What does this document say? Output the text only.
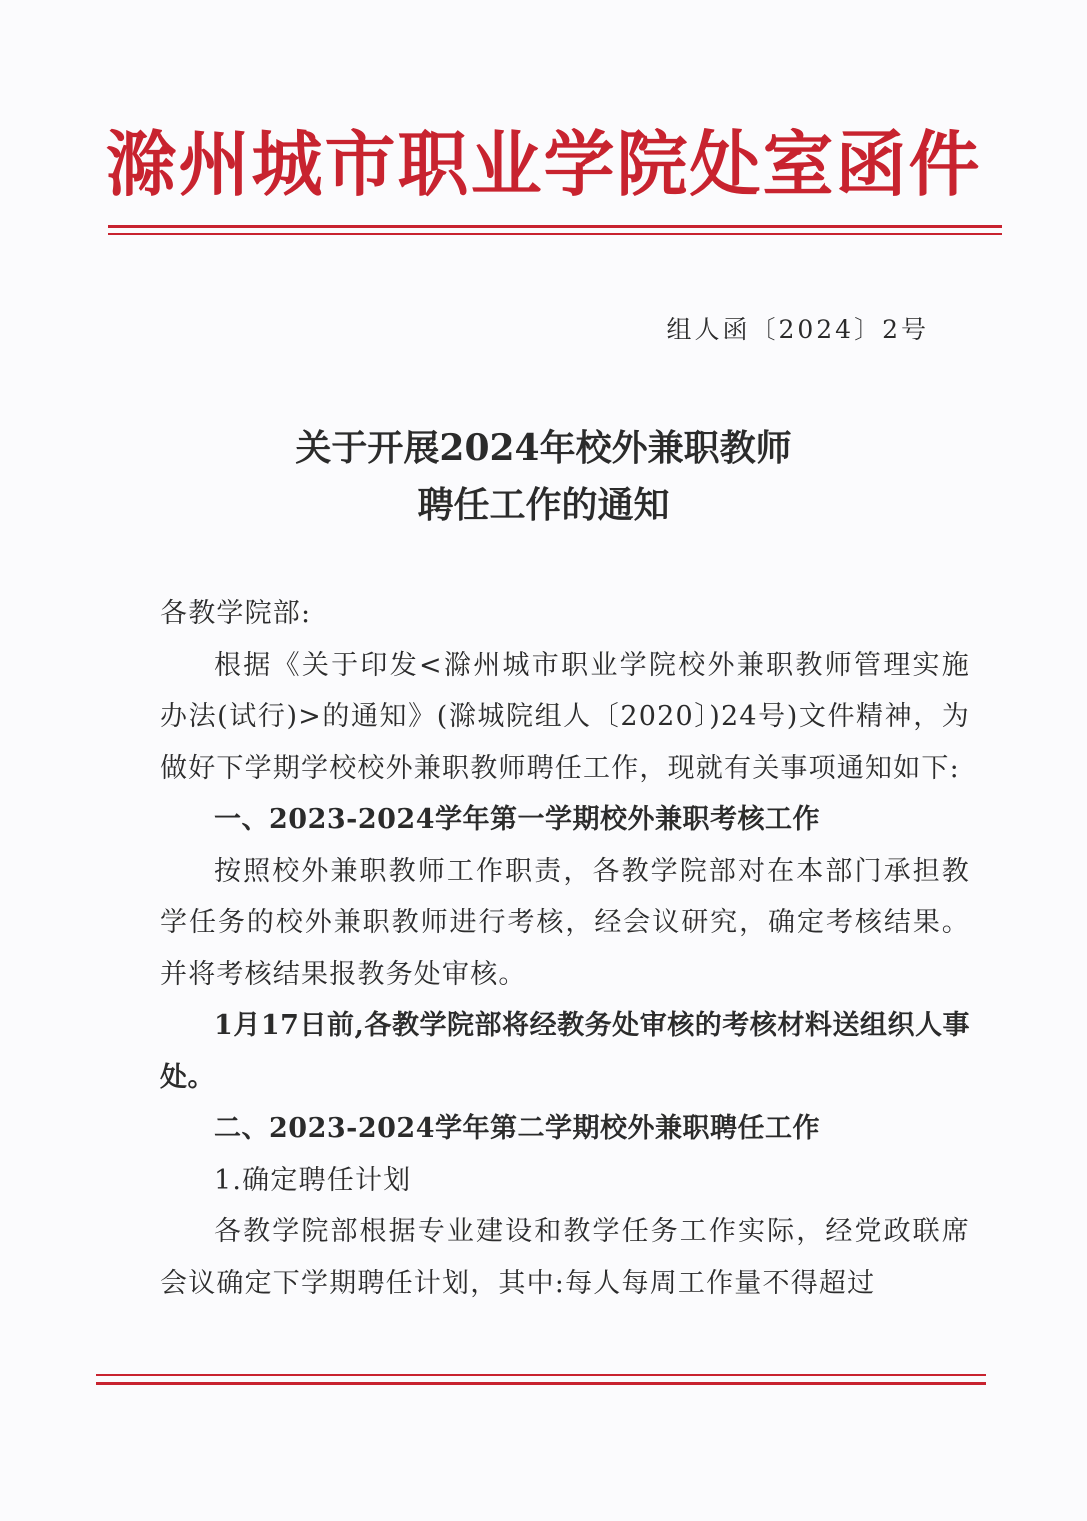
滁州城市职业学院处室函件
组人函〔2024〕2号
关于开展2024年校外兼职教师
聘任工作的通知

各教学院部:

根据《关于印发<滁州城市职业学院校外兼职教师管理实施办法(试行)>的通知》(滁城院组人〔2020〕)24号)文件精神，为做好下学期学校校外兼职教师聘任工作，现就有关事项通知如下:

一、2023-2024学年第一学期校外兼职考核工作

按照校外兼职教师工作职责，各教学院部对在本部门承担教学任务的校外兼职教师进行考核，经会议研究，确定考核结果。并将考核结果报教务处审核。

1月17日前,各教学院部将经教务处审核的考核材料送组织人事处。

二、2023-2024学年第二学期校外兼职聘任工作

1.确定聘任计划

各教学院部根据专业建设和教学任务工作实际，经党政联席会议确定下学期聘任计划，其中:每人每周工作量不得超过
